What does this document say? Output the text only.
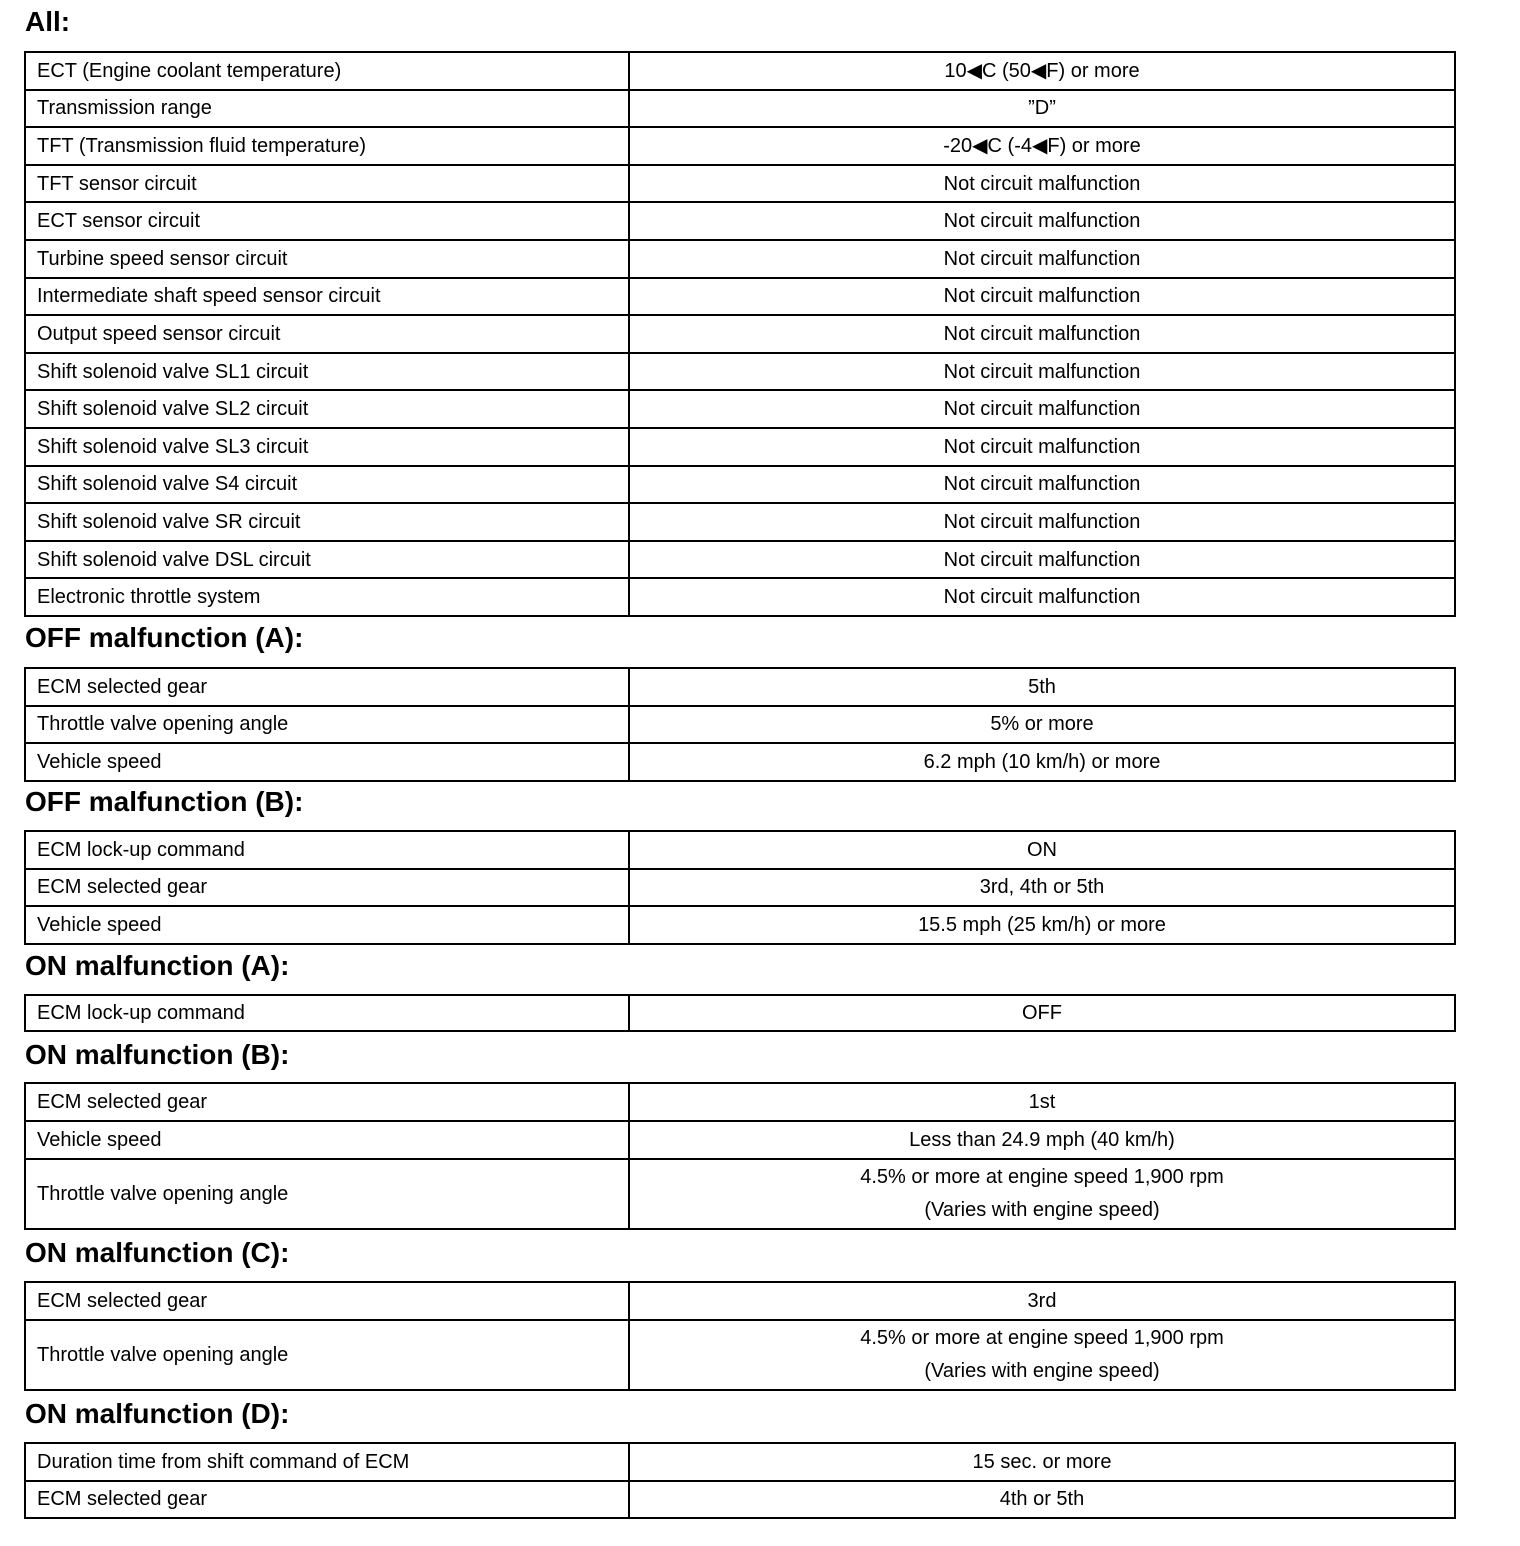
All:
ECT (Engine coolant temperature)	10◀C (50◀F) or more
Transmission range	”D”
TFT (Transmission fluid temperature)	-20◀C (-4◀F) or more
TFT sensor circuit	Not circuit malfunction
ECT sensor circuit	Not circuit malfunction
Turbine speed sensor circuit	Not circuit malfunction
Intermediate shaft speed sensor circuit	Not circuit malfunction
Output speed sensor circuit	Not circuit malfunction
Shift solenoid valve SL1 circuit	Not circuit malfunction
Shift solenoid valve SL2 circuit	Not circuit malfunction
Shift solenoid valve SL3 circuit	Not circuit malfunction
Shift solenoid valve S4 circuit	Not circuit malfunction
Shift solenoid valve SR circuit	Not circuit malfunction
Shift solenoid valve DSL circuit	Not circuit malfunction
Electronic throttle system	Not circuit malfunction
OFF malfunction (A):
ECM selected gear	5th
Throttle valve opening angle	5% or more
Vehicle speed	6.2 mph (10 km/h) or more
OFF malfunction (B):
ECM lock-up command	ON
ECM selected gear	3rd, 4th or 5th
Vehicle speed	15.5 mph (25 km/h) or more
ON malfunction (A):
ECM lock-up command	OFF
ON malfunction (B):
ECM selected gear	1st
Vehicle speed	Less than 24.9 mph (40 km/h)
Throttle valve opening angle	4.5% or more at engine speed 1,900 rpm
(Varies with engine speed)
ON malfunction (C):
ECM selected gear	3rd
Throttle valve opening angle	4.5% or more at engine speed 1,900 rpm
(Varies with engine speed)
ON malfunction (D):
Duration time from shift command of ECM	15 sec. or more
ECM selected gear	4th or 5th
